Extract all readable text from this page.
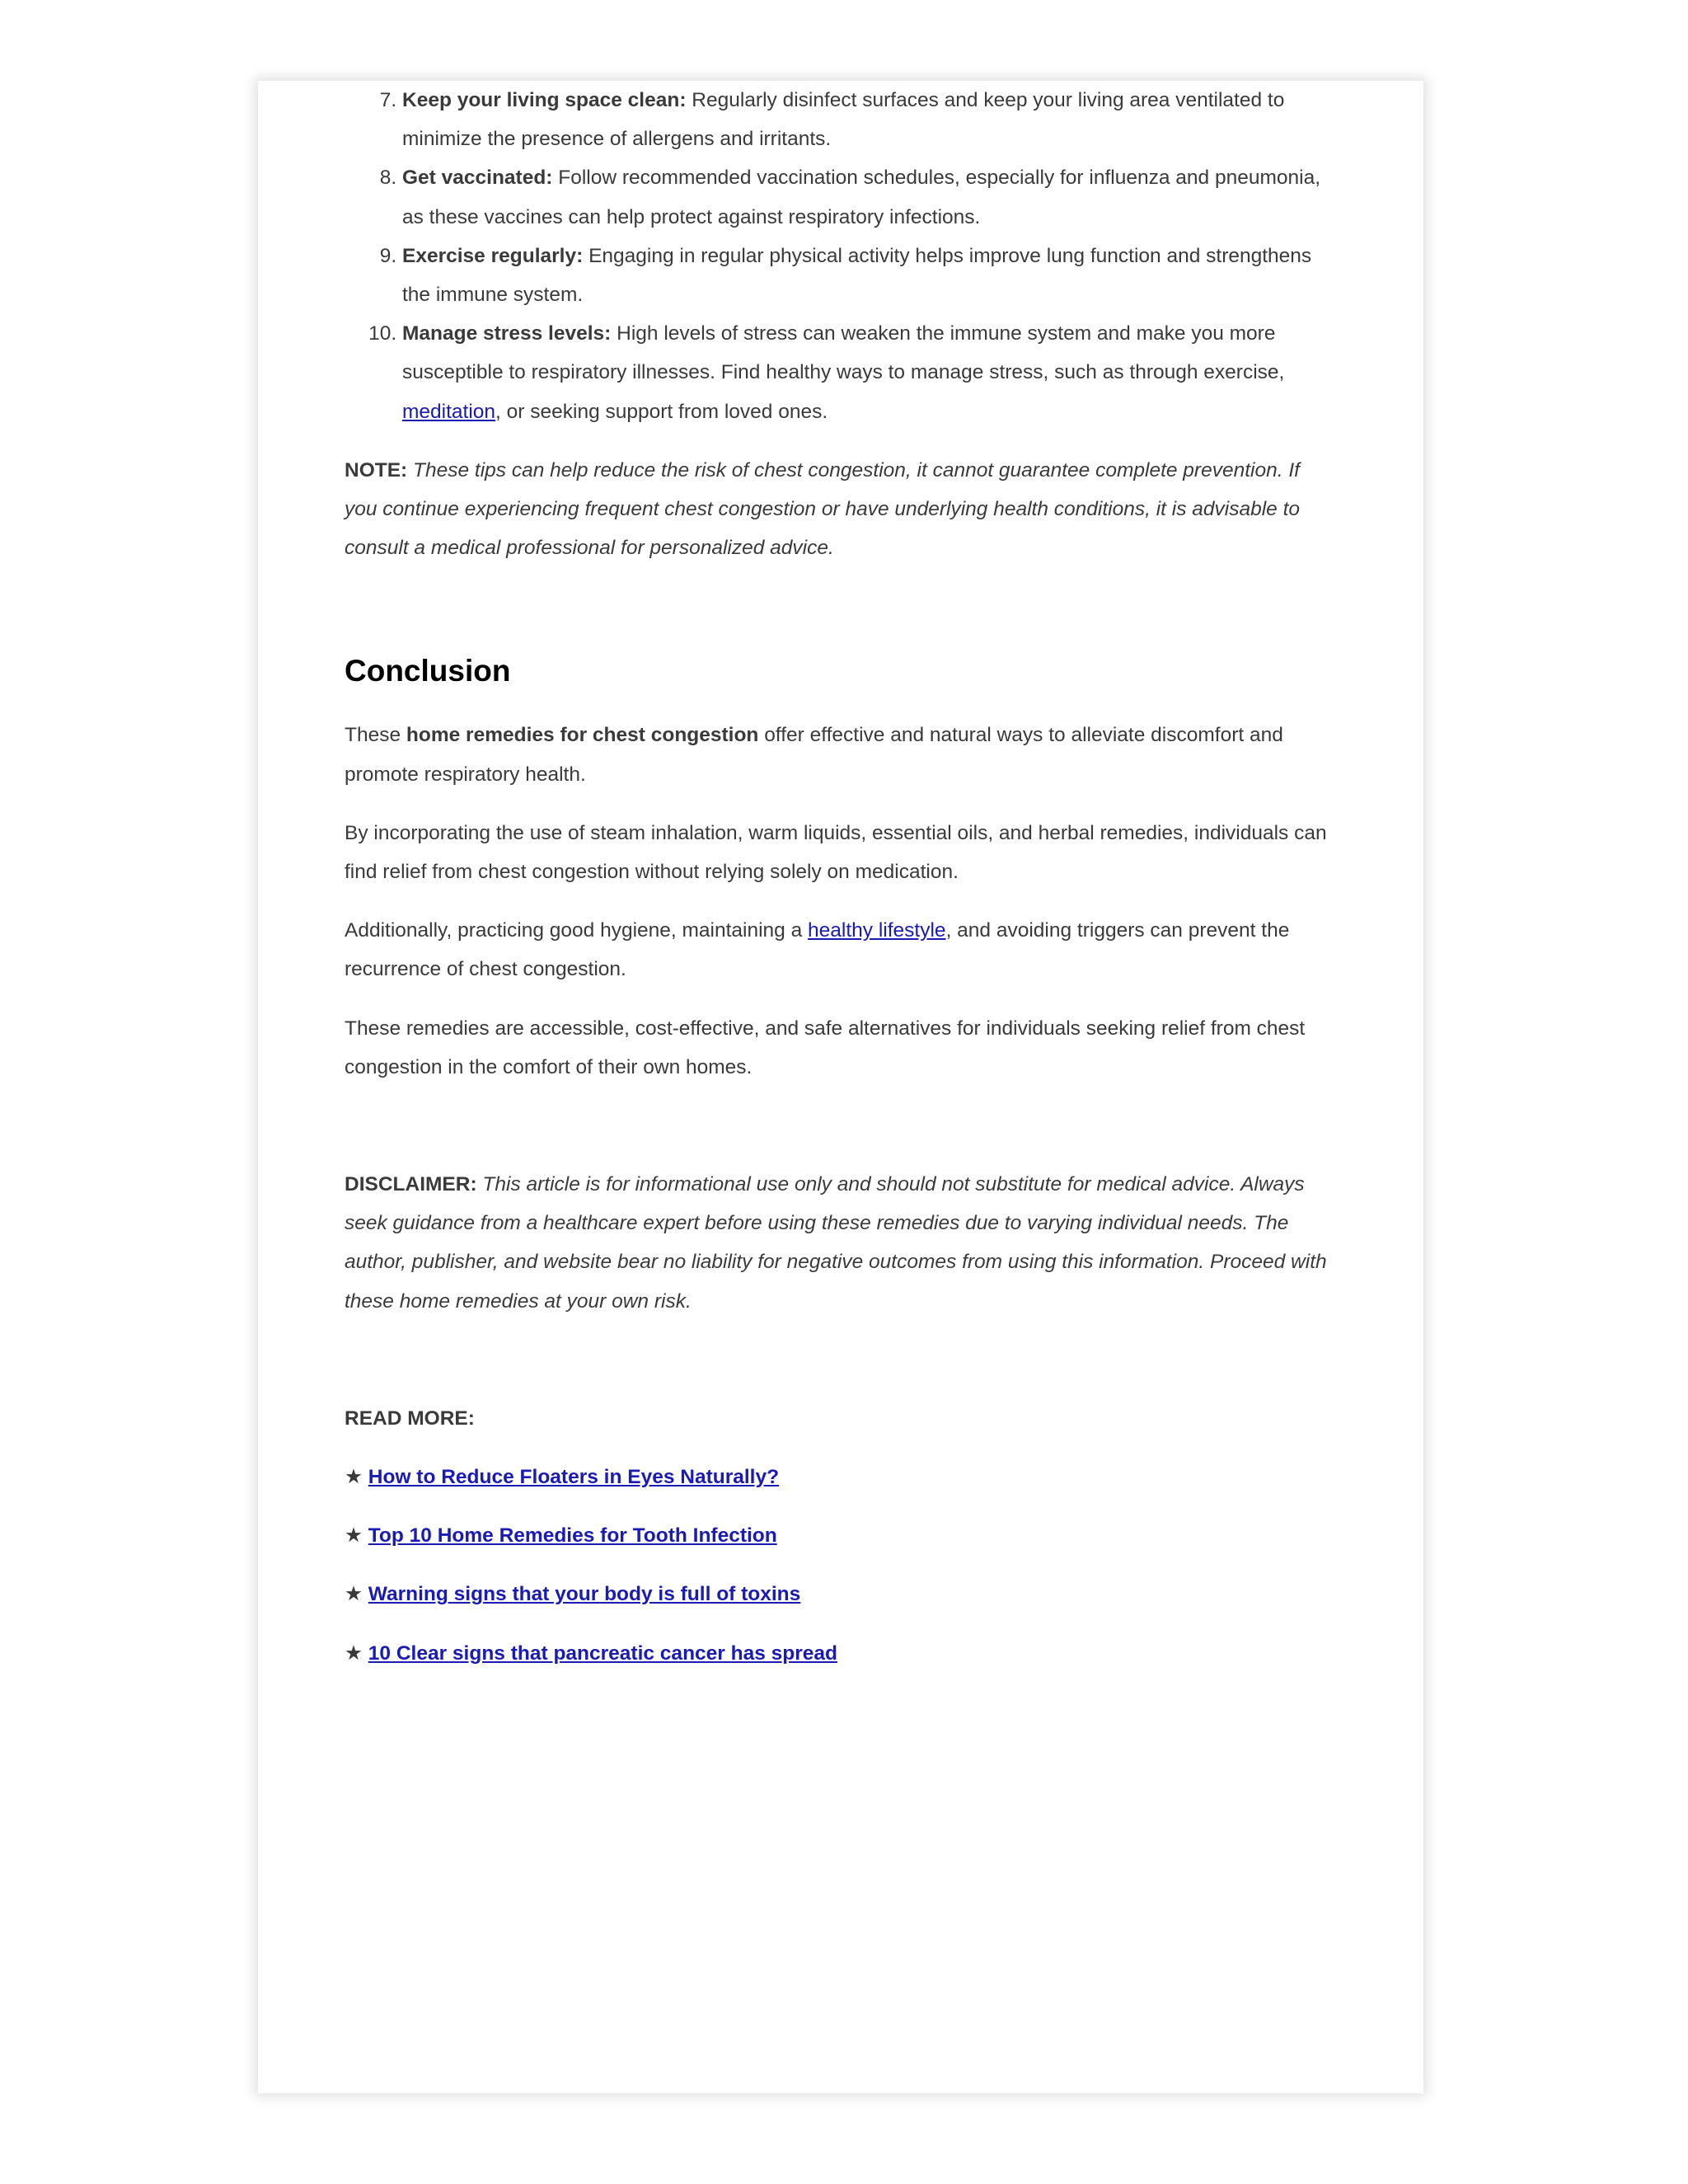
7. Keep your living space clean: Regularly disinfect surfaces and keep your living area ventilated to minimize the presence of allergens and irritants.
8. Get vaccinated: Follow recommended vaccination schedules, especially for influenza and pneumonia, as these vaccines can help protect against respiratory infections.
9. Exercise regularly: Engaging in regular physical activity helps improve lung function and strengthens the immune system.
10. Manage stress levels: High levels of stress can weaken the immune system and make you more susceptible to respiratory illnesses. Find healthy ways to manage stress, such as through exercise, meditation, or seeking support from loved ones.

NOTE: These tips can help reduce the risk of chest congestion, it cannot guarantee complete prevention. If you continue experiencing frequent chest congestion or have underlying health conditions, it is advisable to consult a medical professional for personalized advice.

Conclusion

These home remedies for chest congestion offer effective and natural ways to alleviate discomfort and promote respiratory health.

By incorporating the use of steam inhalation, warm liquids, essential oils, and herbal remedies, individuals can find relief from chest congestion without relying solely on medication.

Additionally, practicing good hygiene, maintaining a healthy lifestyle, and avoiding triggers can prevent the recurrence of chest congestion.

These remedies are accessible, cost-effective, and safe alternatives for individuals seeking relief from chest congestion in the comfort of their own homes.

DISCLAIMER: This article is for informational use only and should not substitute for medical advice. Always seek guidance from a healthcare expert before using these remedies due to varying individual needs. The author, publisher, and website bear no liability for negative outcomes from using this information. Proceed with these home remedies at your own risk.

READ MORE:

★ How to Reduce Floaters in Eyes Naturally?

★ Top 10 Home Remedies for Tooth Infection

★ Warning signs that your body is full of toxins

★ 10 Clear signs that pancreatic cancer has spread
